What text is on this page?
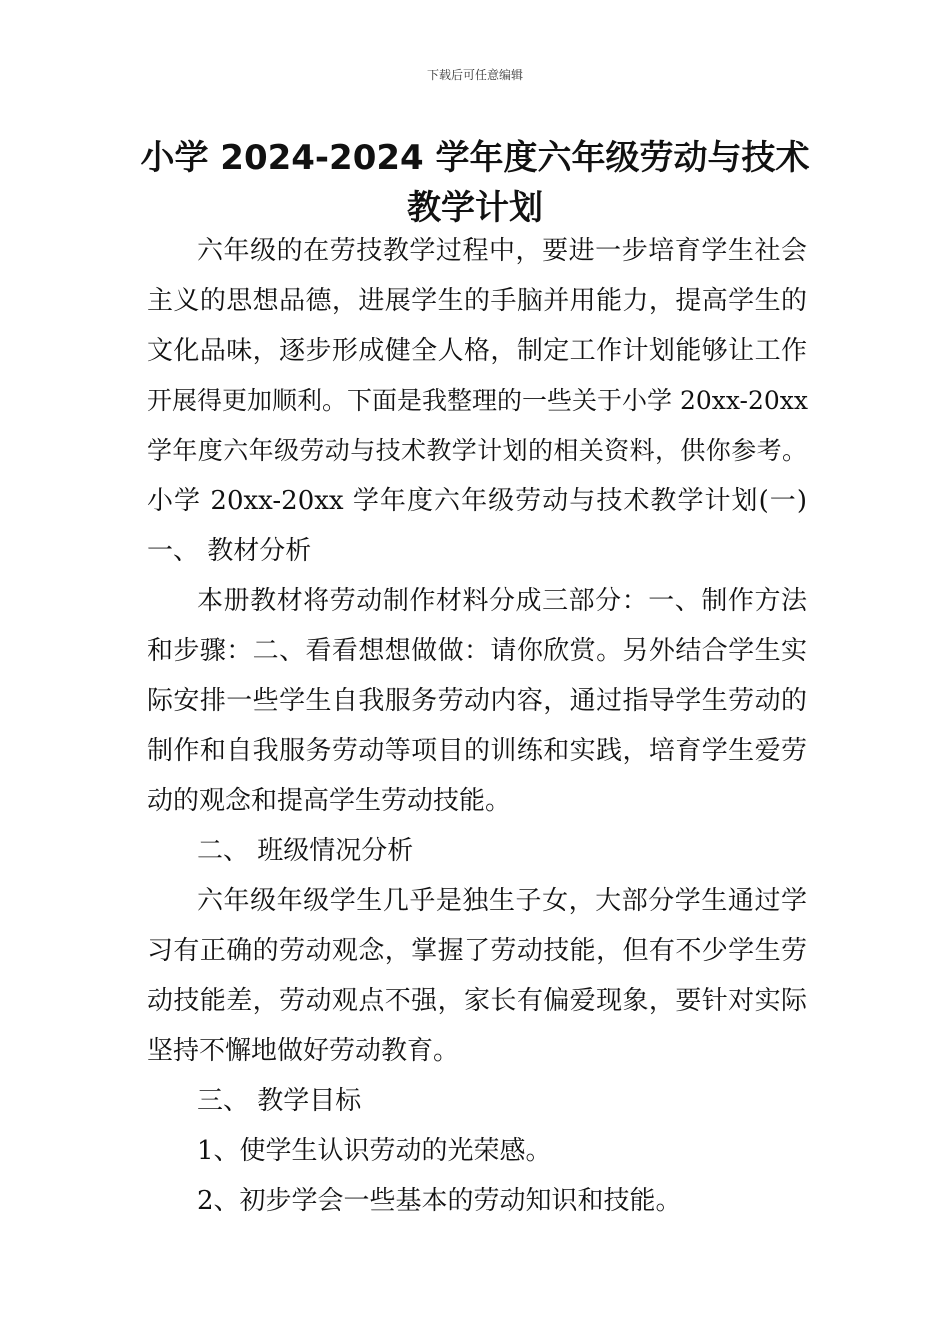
下载后可任意编辑
小学 2024-2024 学年度六年级劳动与技术
教学计划
六年级的在劳技教学过程中，要进一步培育学生社会
主义的思想品德，进展学生的手脑并用能力，提高学生的
文化品味，逐步形成健全人格，制定工作计划能够让工作
开展得更加顺利。下面是我整理的一些关于小学 20xx-20xx
学年度六年级劳动与技术教学计划的相关资料，供你参考。
小学 20xx-20xx 学年度六年级劳动与技术教学计划(一)
一、 教材分析
本册教材将劳动制作材料分成三部分：一、制作方法
和步骤：二、看看想想做做：请你欣赏。另外结合学生实
际安排一些学生自我服务劳动内容，通过指导学生劳动的
制作和自我服务劳动等项目的训练和实践，培育学生爱劳
动的观念和提高学生劳动技能。
二、 班级情况分析
六年级年级学生几乎是独生子女，大部分学生通过学
习有正确的劳动观念，掌握了劳动技能，但有不少学生劳
动技能差，劳动观点不强，家长有偏爱现象，要针对实际
坚持不懈地做好劳动教育。
三、 教学目标
1、使学生认识劳动的光荣感。
2、初步学会一些基本的劳动知识和技能。
